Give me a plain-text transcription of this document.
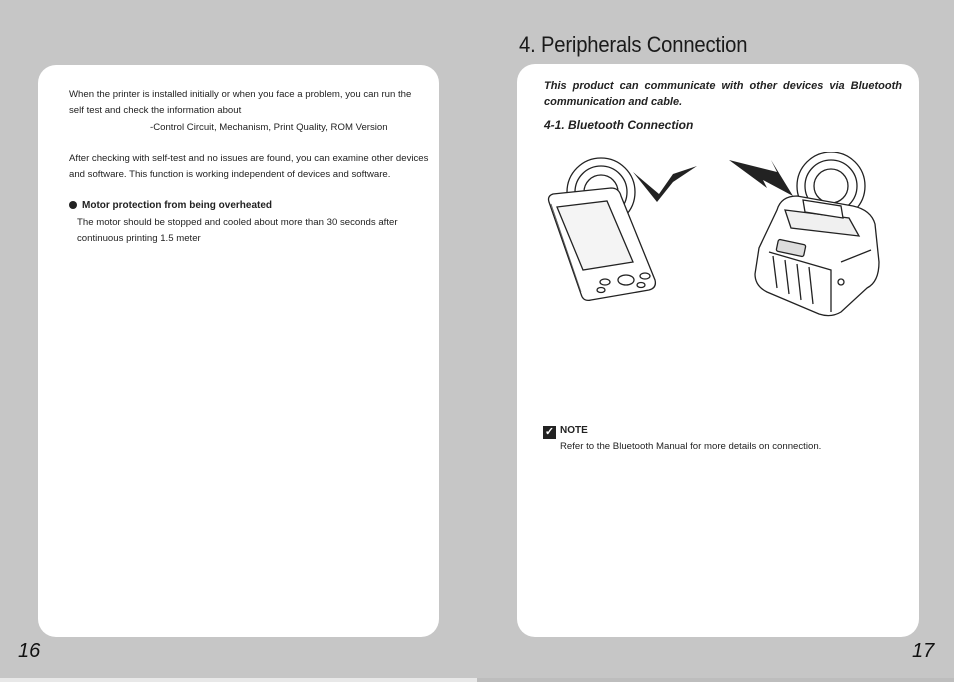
When the printer is installed initially or when you face a problem, you can run the self test and check the information about
-Control Circuit, Mechanism, Print Quality, ROM Version
After checking with self-test and no issues are found, you can examine other devices and software. This function is working independent of devices and software.
Motor protection from being overheated
The motor should be stopped and cooled about more than 30 seconds after continuous printing 1.5 meter
16
4. Peripherals Connection
This product can communicate with other devices via Bluetooth communication and cable.
4-1. Bluetooth Connection
✓ NOTE
Refer to the Bluetooth Manual for more details on connection.
17
